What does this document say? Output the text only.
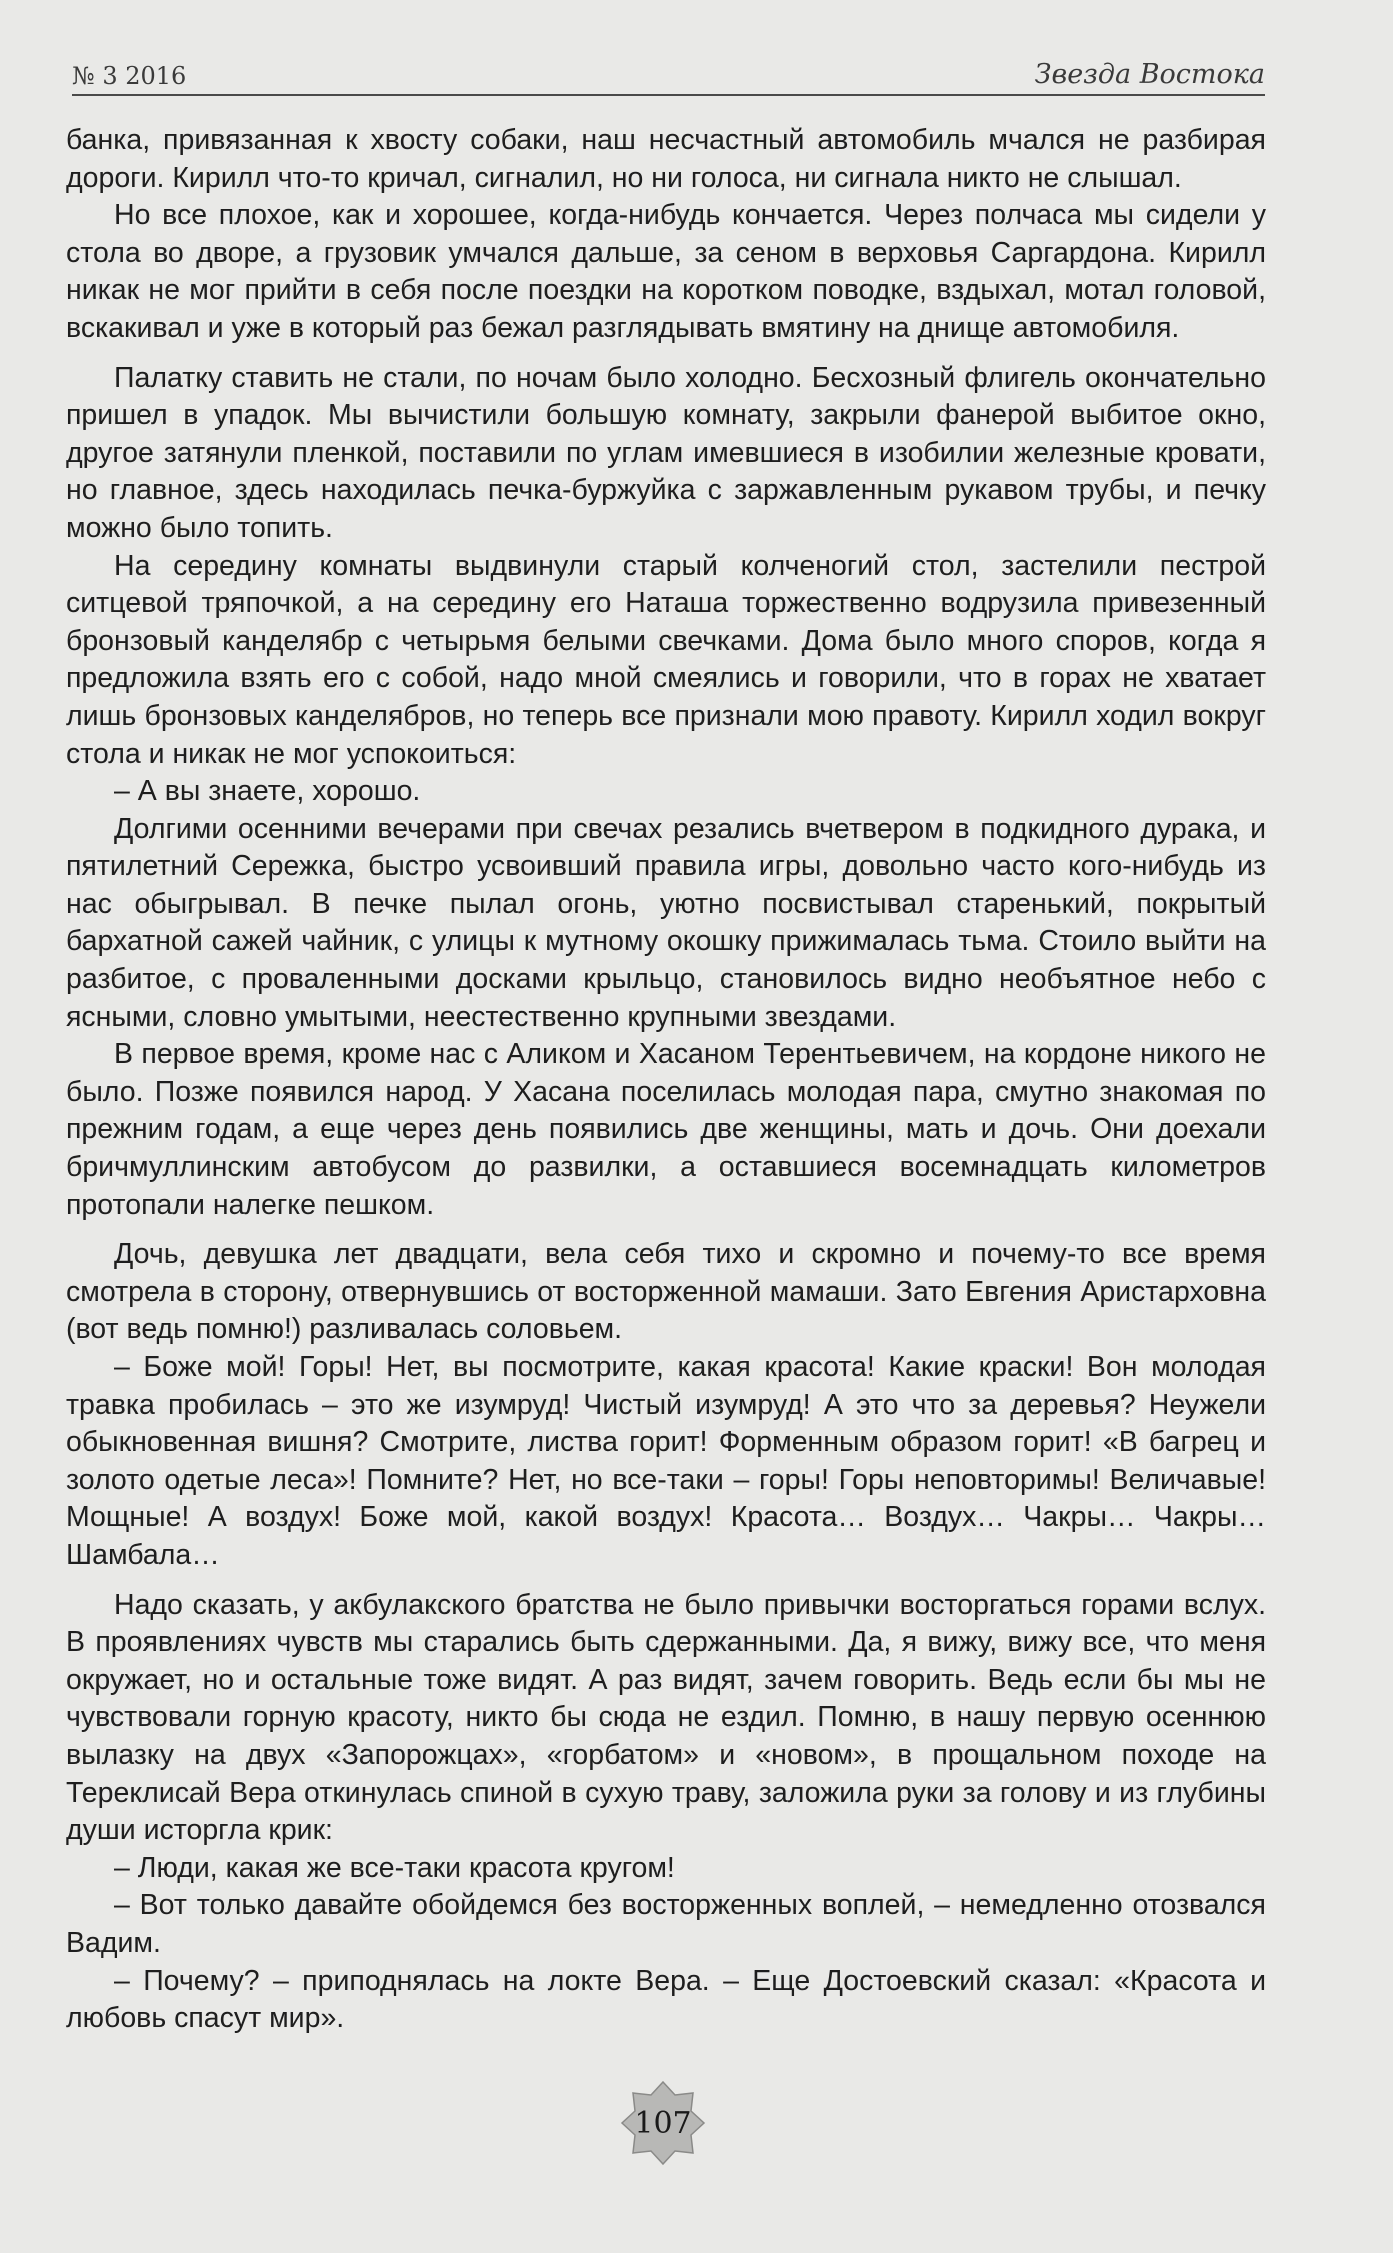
№ 3 2016	Звезда Востока

банка, привязанная к хвосту собаки, наш несчастный автомобиль мчался не разбирая дороги. Кирилл что-то кричал, сигналил, но ни голоса, ни сигнала никто не слышал.

Но все плохое, как и хорошее, когда-нибудь кончается. Через полчаса мы сидели у стола во дворе, а грузовик умчался дальше, за сеном в верховья Саргардона. Кирилл никак не мог прийти в себя после поездки на коротком поводке, вздыхал, мотал головой, вскакивал и уже в который раз бежал разглядывать вмятину на днище автомобиля.

Палатку ставить не стали, по ночам было холодно. Бесхозный флигель окончательно пришел в упадок. Мы вычистили большую комнату, закрыли фанерой выбитое окно, другое затянули пленкой, поставили по углам имевшиеся в изобилии железные кровати, но главное, здесь находилась печка-буржуйка с заржавленным рукавом трубы, и печку можно было топить.

На середину комнаты выдвинули старый колченогий стол, застелили пестрой ситцевой тряпочкой, а на середину его Наташа торжественно водрузила привезенный бронзовый канделябр с четырьмя белыми свечками. Дома было много споров, когда я предложила взять его с собой, надо мной смеялись и говорили, что в горах не хватает лишь бронзовых канделябров, но теперь все признали мою правоту. Кирилл ходил вокруг стола и никак не мог успокоиться:

– А вы знаете, хорошо.

Долгими осенними вечерами при свечах резались вчетвером в подкидного дурака, и пятилетний Сережка, быстро усвоивший правила игры, довольно часто кого-нибудь из нас обыгрывал. В печке пылал огонь, уютно посвистывал старенький, покрытый бархатной сажей чайник, с улицы к мутному окошку прижималась тьма. Стоило выйти на разбитое, с проваленными досками крыльцо, становилось видно необъятное небо с ясными, словно умытыми, неестественно крупными звездами.

В первое время, кроме нас с Аликом и Хасаном Терентьевичем, на кордоне никого не было. Позже появился народ. У Хасана поселилась молодая пара, смутно знакомая по прежним годам, а еще через день появились две женщины, мать и дочь. Они доехали бричмуллинским автобусом до развилки, а оставшиеся восемнадцать километров протопали налегке пешком.

Дочь, девушка лет двадцати, вела себя тихо и скромно и почему-то все время смотрела в сторону, отвернувшись от восторженной мамаши. Зато Евгения Аристарховна (вот ведь помню!) разливалась соловьем.

– Боже мой! Горы! Нет, вы посмотрите, какая красота! Какие краски! Вон молодая травка пробилась – это же изумруд! Чистый изумруд! А это что за деревья? Неужели обыкновенная вишня? Смотрите, листва горит! Форменным образом горит! «В багрец и золото одетые леса»! Помните? Нет, но все-таки – горы! Горы неповторимы! Величавые! Мощные! А воздух! Боже мой, какой воздух! Красота… Воздух… Чакры… Чакры… Шамбала…

Надо сказать, у акбулакского братства не было привычки восторгаться горами вслух. В проявлениях чувств мы старались быть сдержанными. Да, я вижу, вижу все, что меня окружает, но и остальные тоже видят. А раз видят, зачем говорить. Ведь если бы мы не чувствовали горную красоту, никто бы сюда не ездил. Помню, в нашу первую осеннюю вылазку на двух «Запорожцах», «горбатом» и «новом», в прощальном походе на Тереклисай Вера откинулась спиной в сухую траву, заложила руки за голову и из глубины души исторгла крик:

– Люди, какая же все-таки красота кругом!

– Вот только давайте обойдемся без восторженных воплей, – немедленно отозвался Вадим.

– Почему? – приподнялась на локте Вера. – Еще Достоевский сказал: «Красота и любовь спасут мир».

107
